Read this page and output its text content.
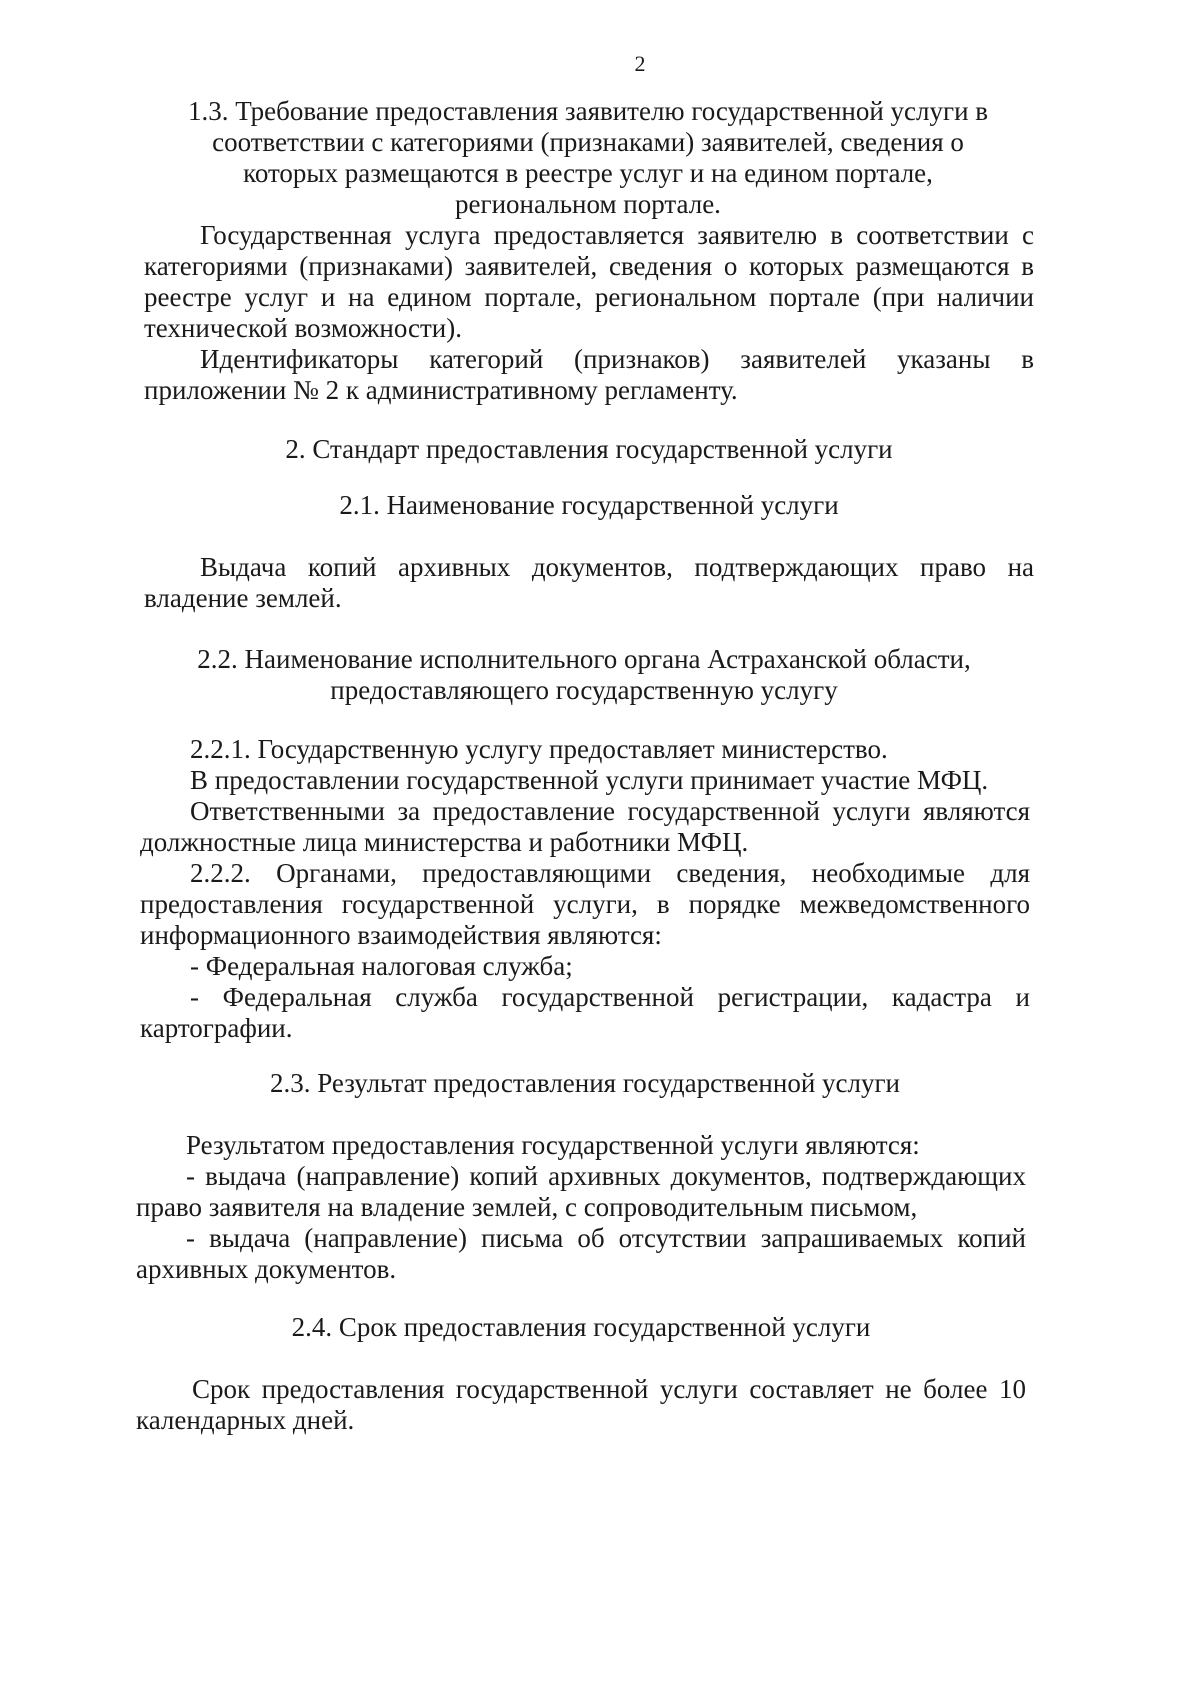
2

1.3. Требование предоставления заявителю государственной услуги в соответствии с категориями (признаками) заявителей, сведения о которых размещаются в реестре услуг и на едином портале, региональном портале.

Государственная услуга предоставляется заявителю в соответствии с категориями (признаками) заявителей, сведения о которых размещаются в реестре услуг и на едином портале, региональном портале (при наличии технической возможности).

Идентификаторы категорий (признаков) заявителей указаны в приложении № 2 к административному регламенту.

2. Стандарт предоставления государственной услуги

2.1. Наименование государственной услуги

Выдача копий архивных документов, подтверждающих право на владение землей.

2.2. Наименование исполнительного органа Астраханской области,

предоставляющего государственную услугу

2.2.1. Государственную услугу предоставляет министерство.

В предоставлении государственной услуги принимает участие МФЦ.

Ответственными за предоставление государственной услуги являются должностные лица министерства и работники МФЦ.

2.2.2. Органами, предоставляющими сведения, необходимые для предоставления государственной услуги, в порядке межведомственного информационного взаимодействия являются:

- Федеральная налоговая служба;

- Федеральная служба государственной регистрации, кадастра и картографии.

2.3. Результат предоставления государственной услуги

Результатом предоставления государственной услуги являются:

- выдача (направление) копий архивных документов, подтверждающих право заявителя на владение землей, с сопроводительным письмом,

- выдача (направление) письма об отсутствии запрашиваемых копий архивных документов.

2.4. Срок предоставления государственной услуги

Срок предоставления государственной услуги составляет не более 10 календарных дней.
